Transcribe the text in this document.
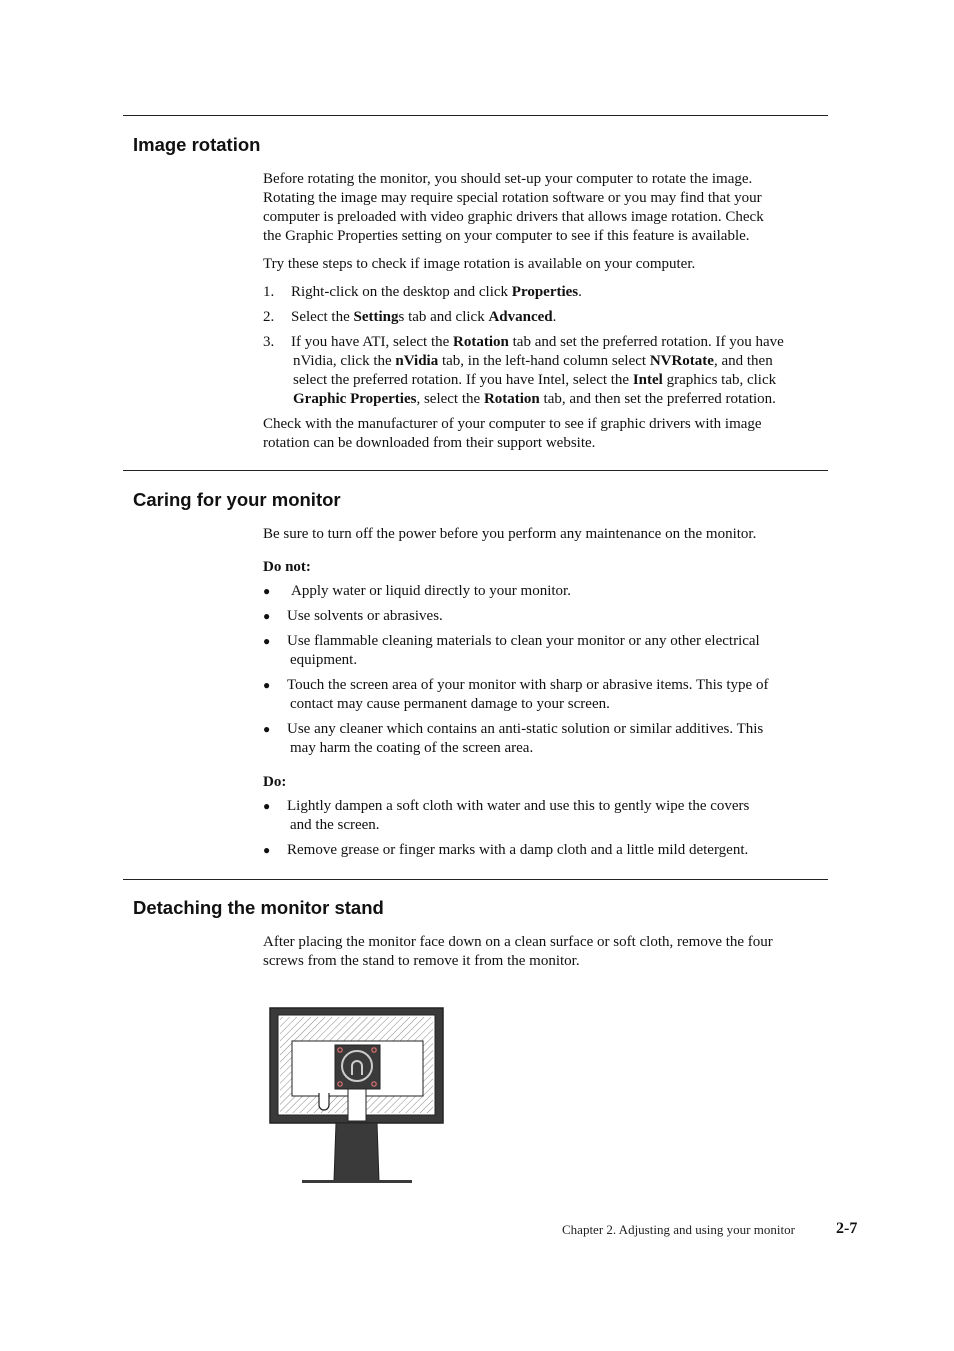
Image rotation

Before rotating the monitor, you should set-up your computer to rotate the image.
Rotating the image may require special rotation software or you may find that your
computer is preloaded with video graphic drivers that allows image rotation. Check
the Graphic Properties setting on your computer to see if this feature is available.

Try these steps to check if image rotation is available on your computer.

1. Right-click on the desktop and click Properties.
2. Select the Settings tab and click Advanced.
3. If you have ATI, select the Rotation tab and set the preferred rotation. If you have
nVidia, click the nVidia tab, in the left-hand column select NVRotate, and then
select the preferred rotation. If you have Intel, select the Intel graphics tab, click
Graphic Properties, select the Rotation tab, and then set the preferred rotation.

Check with the manufacturer of your computer to see if graphic drivers with image
rotation can be downloaded from their support website.

Caring for your monitor

Be sure to turn off the power before you perform any maintenance on the monitor.

Do not:

● Apply water or liquid directly to your monitor.
● Use solvents or abrasives.
● Use flammable cleaning materials to clean your monitor or any other electrical
equipment.
● Touch the screen area of your monitor with sharp or abrasive items. This type of
contact may cause permanent damage to your screen.
● Use any cleaner which contains an anti-static solution or similar additives. This
may harm the coating of the screen area.

Do:

● Lightly dampen a soft cloth with water and use this to gently wipe the covers
and the screen.
● Remove grease or finger marks with a damp cloth and a little mild detergent.
Detaching the monitor stand

After placing the monitor face down on a clean surface or soft cloth, remove the four
screws from the stand to remove it from the monitor.

Chapter 2. Adjusting and using your monitor	2-7
